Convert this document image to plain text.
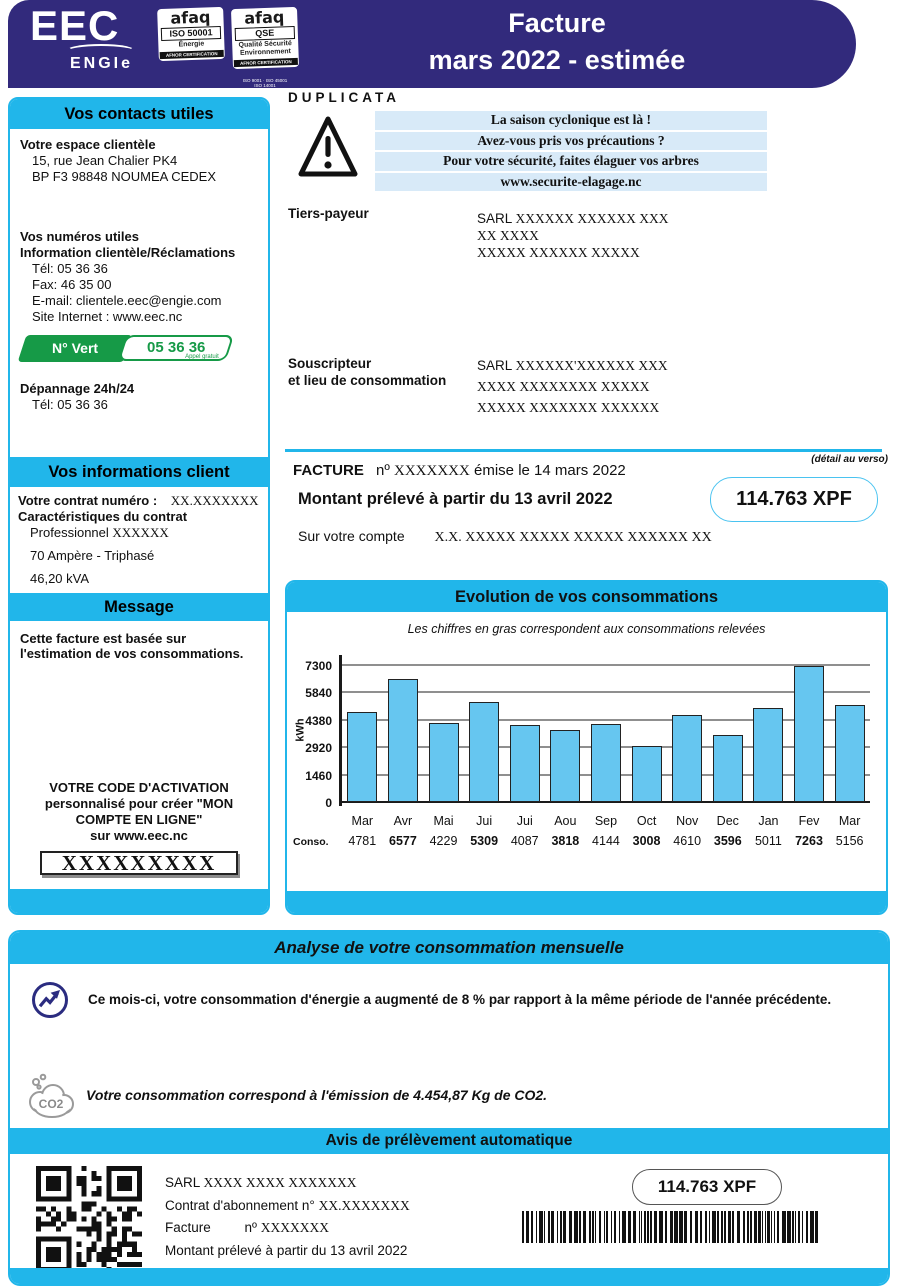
EEC
ENGIe
afaq
ISO 50001
Énergie
AFNOR CERTIFICATION
afaq
QSE
Qualité Sécurité Environnement
AFNOR CERTIFICATION
ISO 9001 · ISO 45001
ISO 14001
Facture
mars 2022 - estimée
Vos contacts utiles
Votre espace clientèle
15, rue Jean Chalier PK4
BP F3 98848 NOUMEA CEDEX
Vos numéros utiles
Information clientèle/Réclamations
Tél: 05 36 36
Fax: 46 35 00
E-mail: clientele.eec@engie.com
Site Internet : www.eec.nc
N° Vert	05 36 36
Appel gratuit
Dépannage 24h/24
Tél: 05 36 36
Vos informations client
Votre contrat numéro : XX.XXXXXXX
Caractéristiques du contrat
Professionnel XXXXXX
70 Ampère - Triphasé
46,20 kVA
Message
Cette facture est basée sur l'estimation de vos consommations.
VOTRE CODE D'ACTIVATION
personnalisé pour créer "MON COMPTE EN LIGNE"
sur www.eec.nc
XXXXXXXXX
DUPLICATA
La saison cyclonique est là !
Avez-vous pris vos précautions ?
Pour votre sécurité, faites élaguer vos arbres
www.securite-elagage.nc
Tiers-payeur	SARL XXXXXX XXXXXX XXX
XX XXXX
XXXXX XXXXXX XXXXX
Souscripteur
et lieu de consommation
SARL XXXXXX'XXXXXX XXX
XXXX XXXXXXXX XXXXX
XXXXX XXXXXXX XXXXXX
(détail au verso)
FACTURE nº XXXXXXX émise le 14 mars 2022
Montant prélevé à partir du 13 avril 2022	114.763 XPF
Sur votre compte X.X. XXXXX XXXXX XXXXX XXXXXX XX
Evolution de vos consommations
Les chiffres en gras correspondent aux consommations relevées
kWh
0
1460
2920
4380
5840
7300
Mar	Avr	Mai	Jui	Jui	Aou	Sep	Oct	Nov	Dec	Jan	Fev	Mar
Conso.	4781	6577	4229	5309	4087	3818	4144	3008	4610	3596	5011	7263	5156
Analyse de votre consommation mensuelle
Ce mois-ci, votre consommation d'énergie a augmenté de 8 % par rapport à la même période de l'année précédente.
CO2
Votre consommation correspond à l'émission de 4.454,87 Kg de CO2.
Avis de prélèvement automatique
SARL XXXX XXXX XXXXXXX
Contrat d'abonnement n° XX.XXXXXXX
Facture         nº XXXXXXX
Montant prélevé à partir du 13 avril 2022
114.763 XPF
